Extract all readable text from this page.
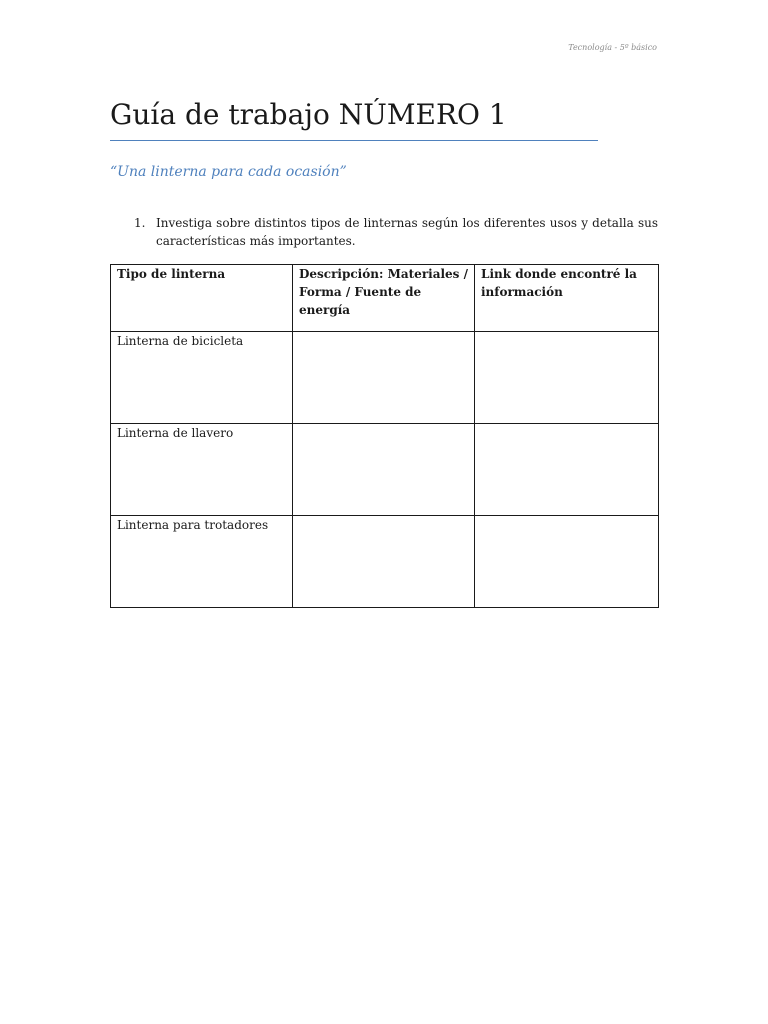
Tecnología - 5º básico
Guía de trabajo NÚMERO 1
“Una linterna para cada ocasión”
1. Investiga sobre distintos tipos de linternas según los diferentes usos y detalla sus características más importantes.
Tipo de linterna	Descripción: Materiales / Forma / Fuente de energía	Link donde encontré la información
Linterna de bicicleta		
Linterna de llavero		
Linterna para trotadores		
